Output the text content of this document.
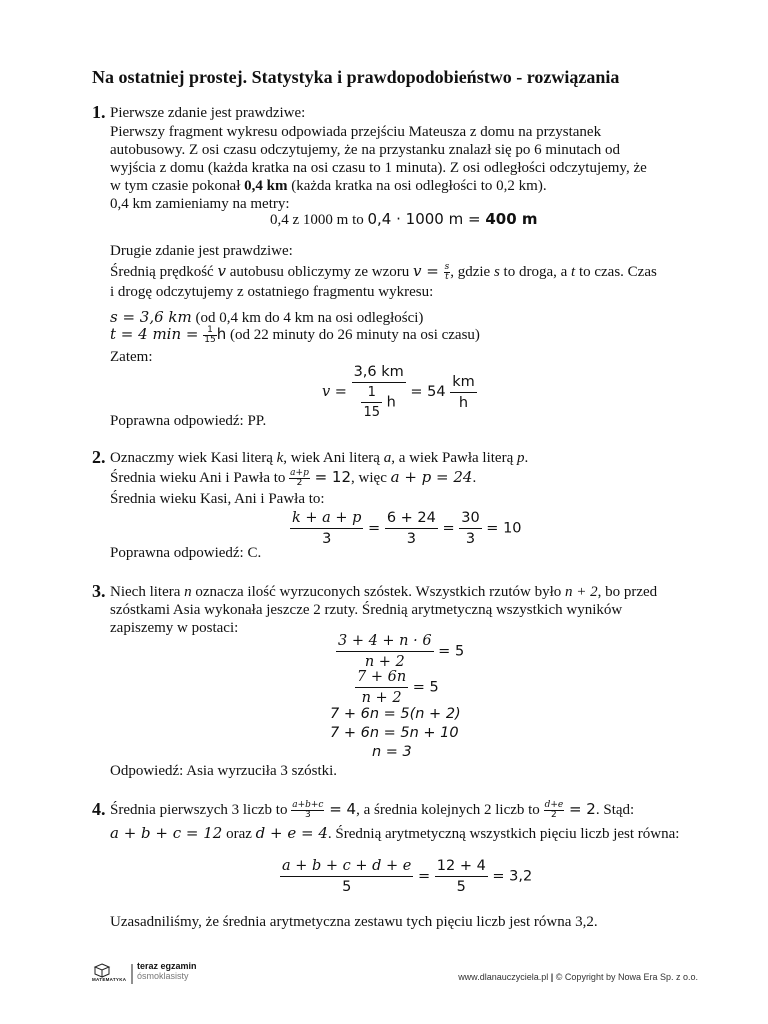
Na ostatniej prostej. Statystyka i prawdopodobieństwo - rozwiązania
1. Pierwsze zdanie jest prawdziwe:
Pierwszy fragment wykresu odpowiada przejściu Mateusza z domu na przystanek
autobusowy. Z osi czasu odczytujemy, że na przystanku znalazł się po 6 minutach od
wyjścia z domu (każda kratka na osi czasu to 1 minuta). Z osi odległości odczytujemy, że
w tym czasie pokonał 0,4 km (każda kratka na osi odległości to 0,2 km).
0,4 km zamieniamy na metry:
0,4 z 1000 m to 0,4 · 1000 m = 400 m
Drugie zdanie jest prawdziwe:
Średnią prędkość v autobusu obliczymy ze wzoru $v = \frac{s}{t}$ , gdzie s to droga, a t to czas. Czas
i drogę odczytujemy z ostatniego fragmentu wykresu:
s = 3,6 km (od 0,4 km do 4 km na osi odległości)
t = 4 $\min = \frac{1}{15}$ h (od 22 minuty do 26 minuty na osi czasu)
Zatem:
$v = \frac{3,6 km}{\frac{1}{15} h} = 54 \frac{km}{h}$
Poprawna odpowiedź: PP.
2. Oznaczmy wiek Kasi literą k, wiek Ani literą a, a wiek Pawła literą p.
Średnia wieku Ani i Pawła to $\frac{a+p}{2} = 12$, więc a + p = 24.
Średnia wieku Kasi, Ani i Pawła to:
$\frac{k + a + p}{3} = \frac{6 + 24}{3} = \frac{30}{3} = 10$
Poprawna odpowiedź: C.
3. Niech litera n oznacza ilość wyrzuconych szóstek. Wszystkich rzutów było n + 2, bo przed
szóstkami Asia wykonała jeszcze 2 rzuty. Średnią arytmetyczną wszystkich wyników
zapiszemy w postaci:
$\frac{3 + 4 + n \cdot 6}{n + 2} = 5$
$\frac{7 + 6n}{n + 2} = 5$
7 + 6n = 5(n + 2)
7 + 6n = 5n + 10
n = 3
Odpowiedź: Asia wyrzuciła 3 szóstki.
4. Średnia pierwszych 3 liczb to $\frac{a+b+c}{3} = 4$, a średnia kolejnych 2 liczb to $\frac{d+e}{2} = 2$. Stąd:
a + b + c = 12 oraz d + e = 4. Średnią arytmetyczną wszystkich pięciu liczb jest równa:
$\frac{a + b + c + d + e}{5} = \frac{12 + 4}{5} = 3,2$
Uzasadniliśmy, że średnia arytmetyczna zestawu tych pięciu liczb jest równa 3,2.
MATEMATYKA
teraz egzamin
ósmoklasisty	www.dlanauczyciela.pl | © Copyright by Nowa Era Sp. z o.o.
